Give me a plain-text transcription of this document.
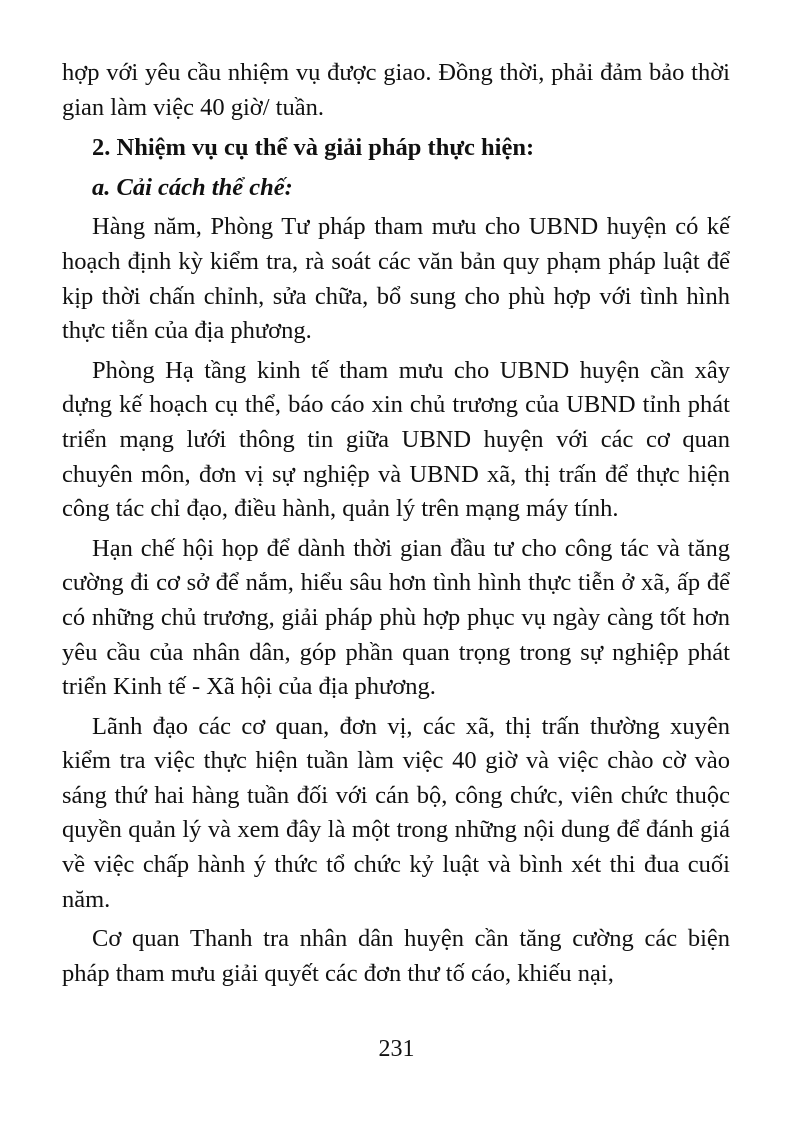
hợp với yêu cầu nhiệm vụ được giao. Đồng thời, phải đảm bảo thời gian làm việc 40 giờ/ tuần.

2. Nhiệm vụ cụ thể và giải pháp thực hiện:

a. Cải cách thể chế:

Hàng năm, Phòng Tư pháp tham mưu cho UBND huyện có kế hoạch định kỳ kiểm tra, rà soát các văn bản quy phạm pháp luật để kịp thời chấn chỉnh, sửa chữa, bổ sung cho phù hợp với tình hình thực tiễn của địa phương.

Phòng Hạ tầng kinh tế tham mưu cho UBND huyện cần xây dựng kế hoạch cụ thể, báo cáo xin chủ trương của UBND tỉnh phát triển mạng lưới thông tin giữa UBND huyện với các cơ quan chuyên môn, đơn vị sự nghiệp và UBND xã, thị trấn để thực hiện công tác chỉ đạo, điều hành, quản lý trên mạng máy tính.

Hạn chế hội họp để dành thời gian đầu tư cho công tác và tăng cường đi cơ sở để nắm, hiểu sâu hơn tình hình thực tiễn ở xã, ấp để có những chủ trương, giải pháp phù hợp phục vụ ngày càng tốt hơn yêu cầu của nhân dân, góp phần quan trọng trong sự nghiệp phát triển Kinh tế - Xã hội của địa phương.

Lãnh đạo các cơ quan, đơn vị, các xã, thị trấn thường xuyên kiểm tra việc thực hiện tuần làm việc 40 giờ và việc chào cờ vào sáng thứ hai hàng tuần đối với cán bộ, công chức, viên chức thuộc quyền quản lý và xem đây là một trong những nội dung để đánh giá về việc chấp hành ý thức tổ chức kỷ luật và bình xét thi đua cuối năm.

Cơ quan Thanh tra nhân dân huyện cần tăng cường các biện pháp tham mưu giải quyết các đơn thư tố cáo, khiếu nại,

231
